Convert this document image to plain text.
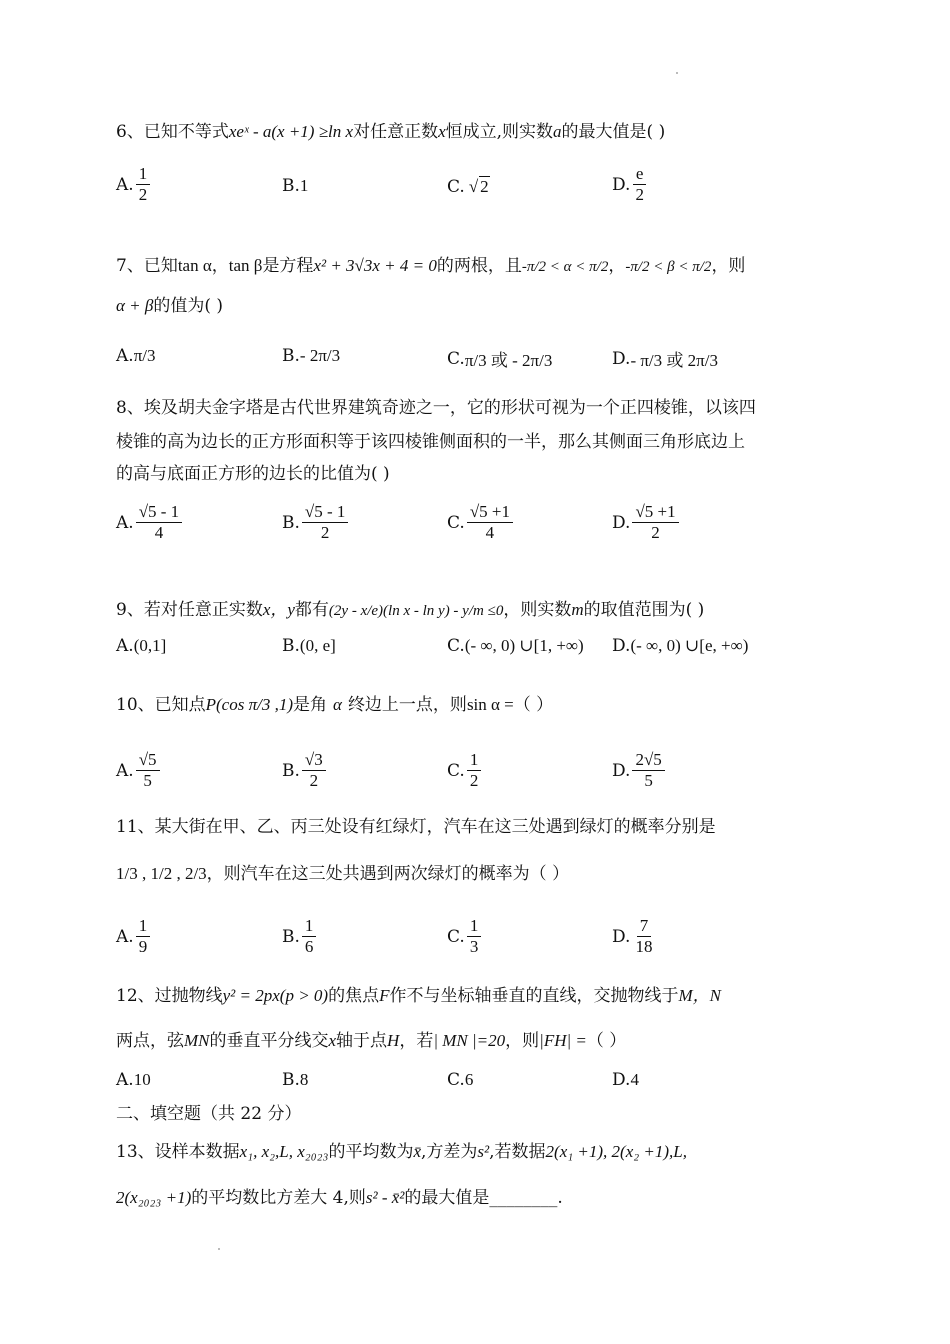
6、已知不等式xeˣ - a(x +1) ≥ln x对任意正数x恒成立,则实数a的最大值是( )
A. $\frac{1}{2}$	B. 1	C. √ 2	D. $\frac{e}{2}$
7、已知tan α，tan β是方程x² + 3√3x + 4 = 0的两根，且-π/2 < α < π/2，-π/2 < β < π/2，则
α + β的值为( )
A. π/3	B. - 2π/3	C. π/3 或 - 2π/3	D. - π/3 或 2π/3
8、埃及胡夫金字塔是古代世界建筑奇迹之一，它的形状可视为一个正四棱锥，以该四
棱锥的高为边长的正方形面积等于该四棱锥侧面积的一半，那么其侧面三角形底边上
的高与底面正方形的边长的比值为( )
A. $\frac{√5 - 1}{4}$	B. $\frac{√5 - 1}{2}$	C. $\frac{√5 +1}{4}$	D. $\frac{√5 +1}{2}$
9、若对任意正实数x，y都有(2y - x/e)(ln x - ln y) - y/m ≤0，则实数m的取值范围为( )
A. (0,1]	B. (0, e]	C. (- ∞, 0) ∪[1, +∞) D. (- ∞, 0) ∪[e, +∞)
10、已知点P(cos π/3 ,1)是角 α 终边上一点，则sin α =（ ）
A. $\frac{√5}{5}$	B. $\frac{√3}{2}$	C. $\frac{1}{2}$	D. $\frac{2√5}{5}$
11、某大街在甲、乙、丙三处设有红绿灯，汽车在这三处遇到绿灯的概率分别是
1/3 , 1/2 , 2/3，则汽车在这三处共遇到两次绿灯的概率为（ ）
A. $\frac{1}{9}$	B. $\frac{1}{6}$	C. $\frac{1}{3}$	D. $\frac{7}{18}$
12、过抛物线y² = 2px(p > 0)的焦点F作不与坐标轴垂直的直线，交抛物线于M，N
两点，弦MN的垂直平分线交x轴于点H，若| MN |=20，则|FH| =（ ）
A. 10	B. 8	C. 6	D. 4
二、填空题（共 22 分）
13、设样本数据x₁, x₂,L, x₂₀₂₃的平均数为x̄,方差为s²,若数据2(x₁ +1), 2(x₂ +1),L,
2(x₂₀₂₃ +1)的平均数比方差大 4,则s² - x̄²的最大值是________.
